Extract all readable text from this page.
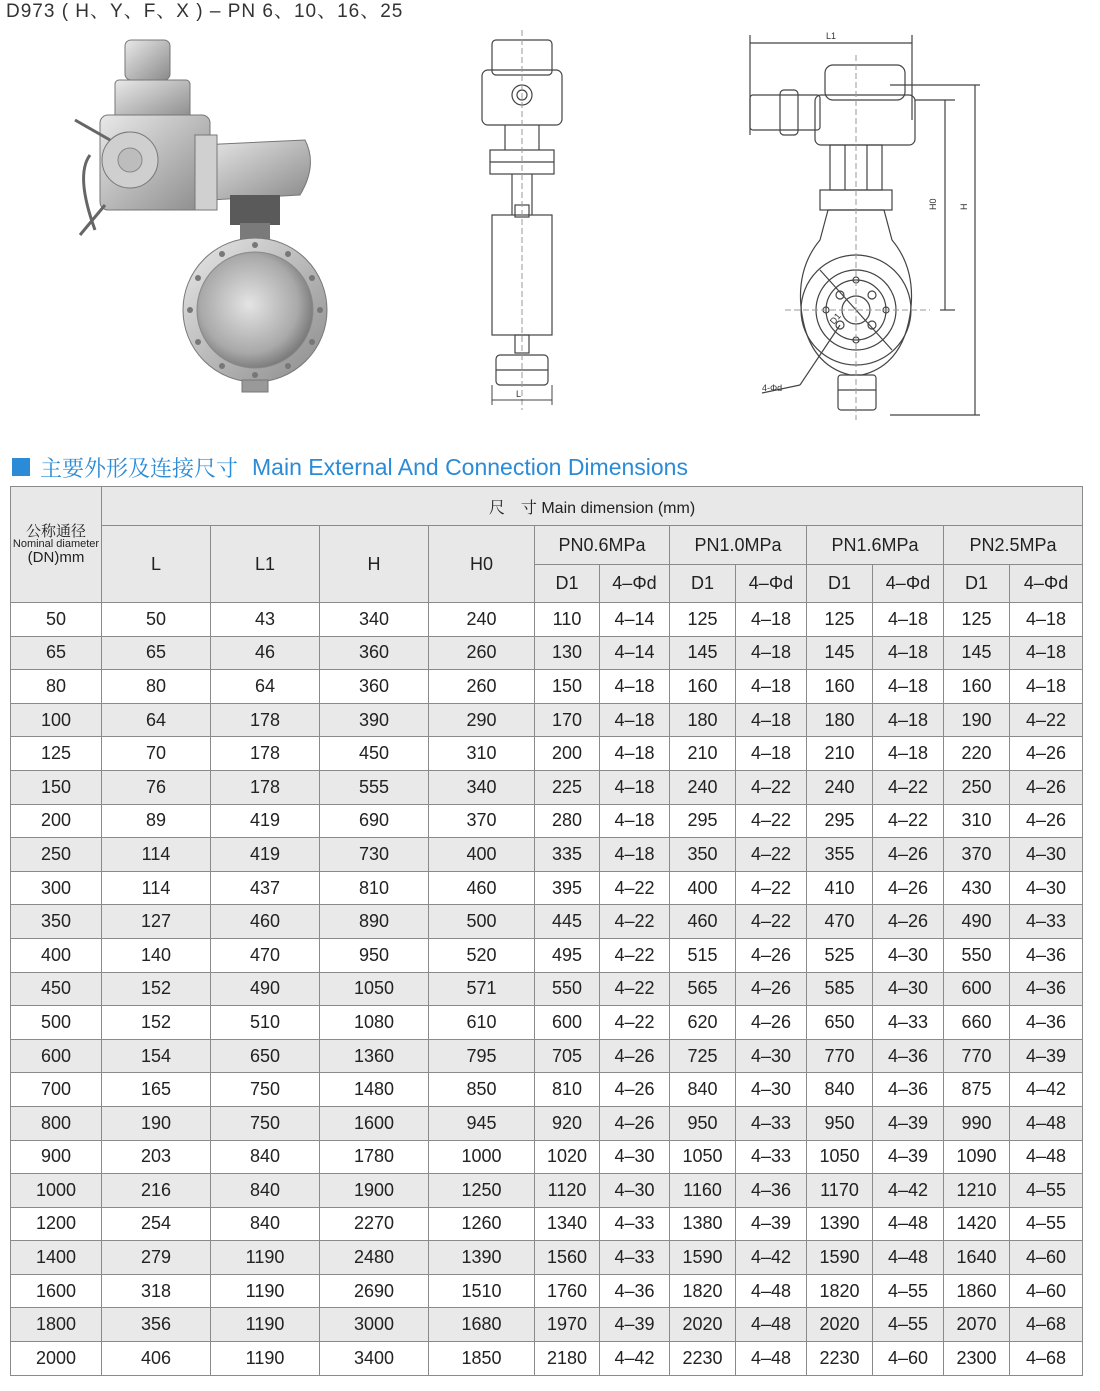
D973 ( H、Y、F、X ) – PN 6、10、16、25
L
L1
H0 H
D1
4-Φd
主要外形及连接尺寸 Main External And Connection Dimensions
公称通径
Nominal diameter
(DN)mm	尺　寸 Main dimension (mm)											
	L	L1	H	H0	PN0.6MPa		PN1.0MPa		PN1.6MPa		PN2.5MPa	
					D1	4–Φd	D1	4–Φd	D1	4–Φd	D1	4–Φd
50	50	43	340	240	110	4–14	125	4–18	125	4–18	125	4–18
65	65	46	360	260	130	4–14	145	4–18	145	4–18	145	4–18
80	80	64	360	260	150	4–18	160	4–18	160	4–18	160	4–18
100	64	178	390	290	170	4–18	180	4–18	180	4–18	190	4–22
125	70	178	450	310	200	4–18	210	4–18	210	4–18	220	4–26
150	76	178	555	340	225	4–18	240	4–22	240	4–22	250	4–26
200	89	419	690	370	280	4–18	295	4–22	295	4–22	310	4–26
250	114	419	730	400	335	4–18	350	4–22	355	4–26	370	4–30
300	114	437	810	460	395	4–22	400	4–22	410	4–26	430	4–30
350	127	460	890	500	445	4–22	460	4–22	470	4–26	490	4–33
400	140	470	950	520	495	4–22	515	4–26	525	4–30	550	4–36
450	152	490	1050	571	550	4–22	565	4–26	585	4–30	600	4–36
500	152	510	1080	610	600	4–22	620	4–26	650	4–33	660	4–36
600	154	650	1360	795	705	4–26	725	4–30	770	4–36	770	4–39
700	165	750	1480	850	810	4–26	840	4–30	840	4–36	875	4–42
800	190	750	1600	945	920	4–26	950	4–33	950	4–39	990	4–48
900	203	840	1780	1000	1020	4–30	1050	4–33	1050	4–39	1090	4–48
1000	216	840	1900	1250	1120	4–30	1160	4–36	1170	4–42	1210	4–55
1200	254	840	2270	1260	1340	4–33	1380	4–39	1390	4–48	1420	4–55
1400	279	1190	2480	1390	1560	4–33	1590	4–42	1590	4–48	1640	4–60
1600	318	1190	2690	1510	1760	4–36	1820	4–48	1820	4–55	1860	4–60
1800	356	1190	3000	1680	1970	4–39	2020	4–48	2020	4–55	2070	4–68
2000	406	1190	3400	1850	2180	4–42	2230	4–48	2230	4–60	2300	4–68
